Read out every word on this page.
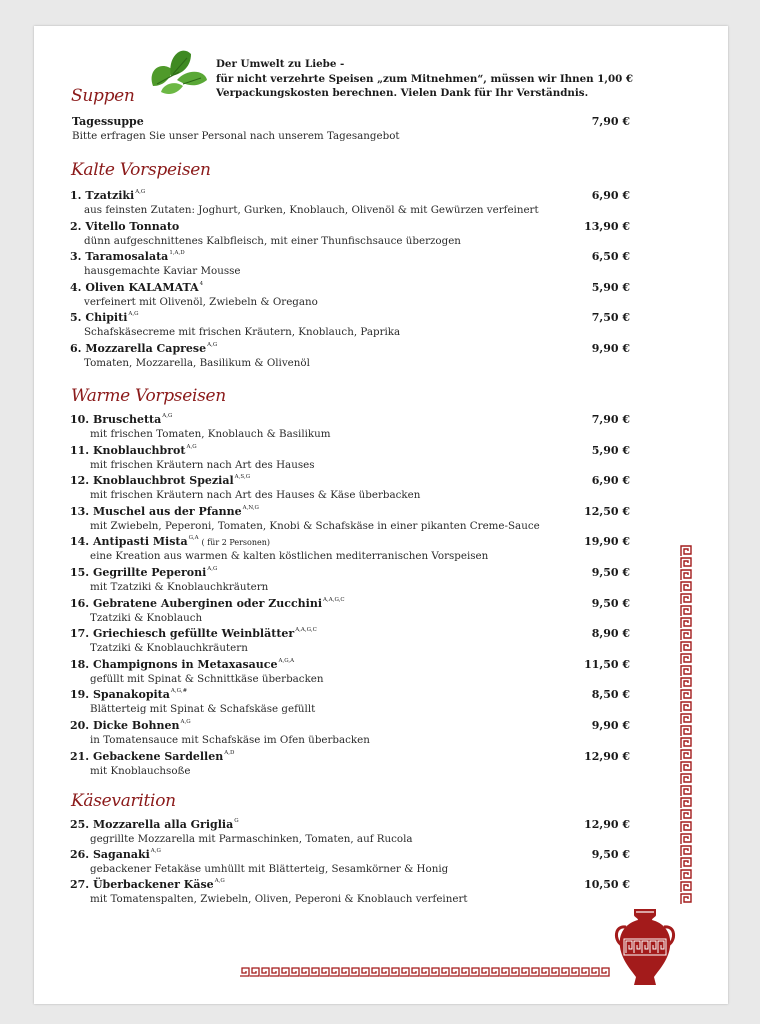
Der Umwelt zu Liebe -
für nicht verzehrte Speisen „zum Mitnehmen“, müssen wir Ihnen 1,00 €
Verpackungskosten berechnen. Vielen Dank für Ihr Verständnis.
Suppen
Tagessuppe	7,90 €
Bitte erfragen Sie unser Personal nach unserem Tagesangebot
Kalte Vorspeisen
1. Tzatziki$^{A,G}$	6,90 €
aus feinsten Zutaten: Joghurt, Gurken, Knoblauch, Olivenöl & mit Gewürzen verfeinert
2. Vitello Tonnato	13,90 €
dünn aufgeschnittenes Kalbfleisch, mit einer Thunfischsauce überzogen
3. Taramosalata$^{1,A,D}$	6,50 €
hausgemachte Kaviar Mousse
4. Oliven KALAMATA$^4$	5,90 €
verfeinert mit Olivenöl, Zwiebeln & Oregano
5. Chipiti$^{A,G}$	7,50 €
Schafskäsecreme mit frischen Kräutern, Knoblauch, Paprika
6. Mozzarella Caprese$^{A,G}$	9,90 €
Tomaten, Mozzarella, Basilikum & Olivenöl
Warme Vorpseisen
10. Bruschetta$^{A,G}$	7,90 €
mit frischen Tomaten, Knoblauch & Basilikum
11. Knoblauchbrot$^{A,G}$	5,90 €
mit frischen Kräutern nach Art des Hauses
12. Knoblauchbrot Spezial$^{A,S,G}$	6,90 €
mit frischen Kräutern nach Art des Hauses & Käse überbacken
13. Muschel aus der Pfanne$^{A,N,G}$	12,50 €
mit Zwiebeln, Peperoni, Tomaten, Knobi & Schafskäse in einer pikanten Creme-Sauce
14. Antipasti Mista$^{G,A}$ ( für 2 Personen)	19,90 €
eine Kreation aus warmen & kalten köstlichen mediterranischen Vorspeisen
15. Gegrillte Peperoni$^{A,G}$	9,50 €
mit Tzatziki & Knoblauchkräutern
16. Gebratene Auberginen oder Zucchini$^{A,A,G,C}$	9,50 €
Tzatziki & Knoblauch
17. Griechiesch gefüllte Weinblätter$^{A,A,G,C}$	8,90 €
Tzatziki & Knoblauchkräutern
18. Champignons in Metaxasauce$^{A,G,A}$	11,50 €
gefüllt mit Spinat & Schnittkäse überbacken
19. Spanakopita$^{A,G,\#}$	8,50 €
Blätterteig mit Spinat & Schafskäse gefüllt
20. Dicke Bohnen$^{A,G}$	9,90 €
in Tomatensauce mit Schafskäse im Ofen überbacken
21. Gebackene Sardellen$^{A,D}$	12,90 €
mit Knoblauchsoße
Käsevarition
25. Mozzarella alla Griglia$^G$	12,90 €
gegrillte Mozzarella mit Parmaschinken, Tomaten, auf Rucola
26. Saganaki$^{A,G}$	9,50 €
gebackener Fetakäse umhüllt mit Blätterteig, Sesamkörner & Honig
27. Überbackener Käse$^{A,G}$	10,50 €
mit Tomatenspalten, Zwiebeln, Oliven, Peperoni & Knoblauch verfeinert
